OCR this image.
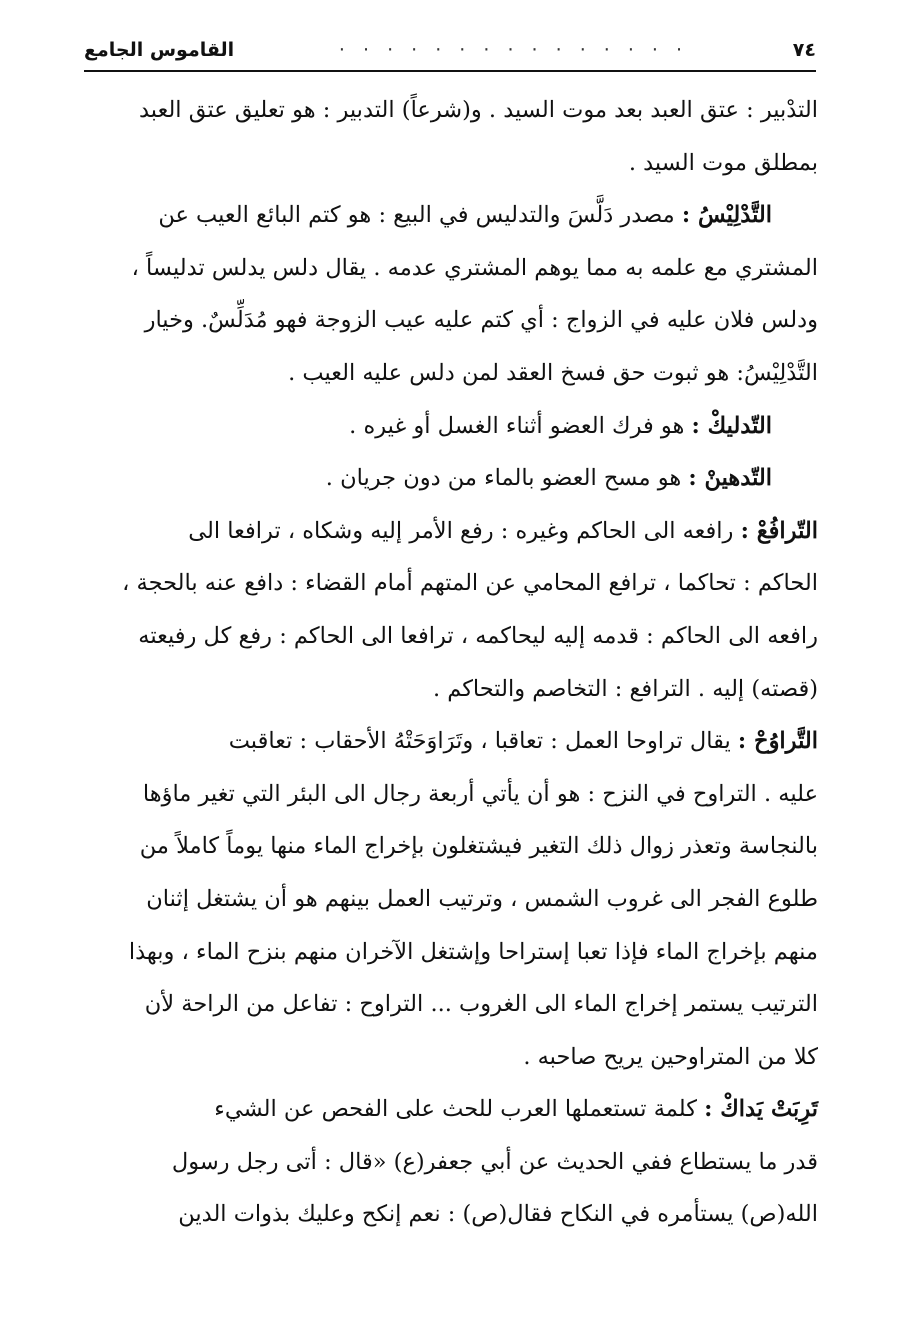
٧٤
· · · · · · · · · · · · · · ·
القاموس الجامع
التدْبير : عتق العبد بعد موت السيد . و(شرعاً) التدبير : هو تعليق عتق العبد
بمطلق موت السيد .
التَّدْلِيْسُ : مصدر دَلَّسَ والتدليس في البيع : هو كتم البائع العيب عن
المشتري مع علمه به مما يوهم المشتري عدمه . يقال دلس يدلس تدليساً ،
ودلس فلان عليه في الزواج : أي كتم عليه عيب الزوجة فهو مُدَلِّسٌ. وخيار
التَّدْلِيْسُ: هو ثبوت حق فسخ العقد لمن دلس عليه العيب .
التّدليكْ : هو فرك العضو أثناء الغسل أو غيره .
التّدهينْ : هو مسح العضو بالماء من دون جريان .
التّرافُعْ : رافعه الى الحاكم وغيره : رفع الأمر إليه وشكاه ، ترافعا الى
الحاكم : تحاكما ، ترافع المحامي عن المتهم أمام القضاء : دافع عنه بالحجة ،
رافعه الى الحاكم : قدمه إليه ليحاكمه ، ترافعا الى الحاكم : رفع كل رفيعته
(قصته) إليه . الترافع : التخاصم والتحاكم .
التَّراوُحْ : يقال تراوحا العمل : تعاقبا ، وتَرَاوَحَتْهُ الأحقاب : تعاقبت
عليه . التراوح في النزح : هو أن يأتي أربعة رجال الى البئر التي تغير ماؤها
بالنجاسة وتعذر زوال ذلك التغير فيشتغلون بإخراج الماء منها يوماً كاملاً من
طلوع الفجر الى غروب الشمس ، وترتيب العمل بينهم هو أن يشتغل إثنان
منهم بإخراج الماء فإذا تعبا إستراحا وإشتغل الآخران منهم بنزح الماء ، وبهذا
الترتيب يستمر إخراج الماء الى الغروب ... التراوح : تفاعل من الراحة لأن
كلا من المتراوحين يريح صاحبه .
تَرِبَتْ يَداكْ : كلمة تستعملها العرب للحث على الفحص عن الشيء
قدر ما يستطاع ففي الحديث عن أبي جعفر(ع) «قال : أتى رجل رسول
الله(ص) يستأمره في النكاح فقال(ص) : نعم إنكح وعليك بذوات الدين
